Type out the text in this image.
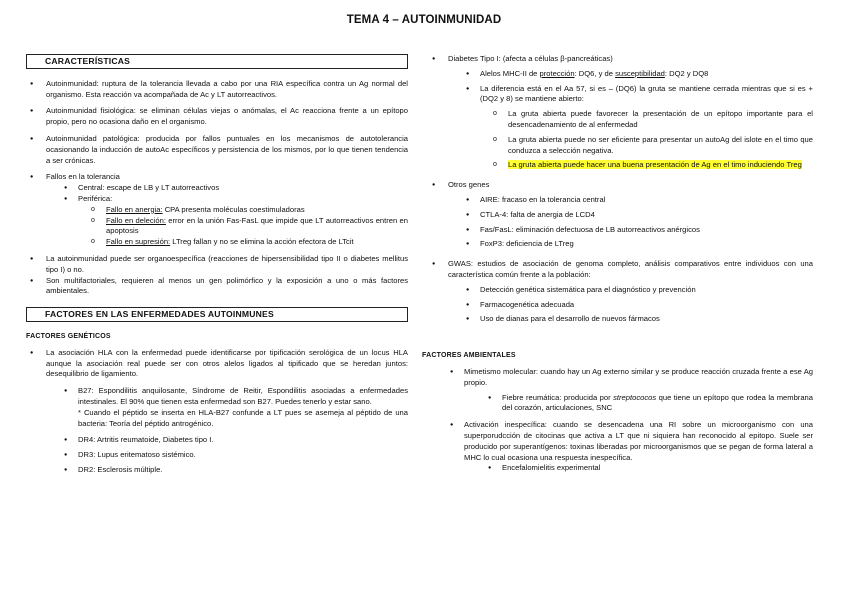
TEMA 4 – AUTOINMUNIDAD
CARACTERÍSTICAS
● Autoinmunidad: ruptura de la tolerancia llevada a cabo por una RIA específica contra un Ag normal del organismo. Esta reacción va acompañada de Ac y LT autorreactivos.
● Autoinmunidad fisiológica: se eliminan células viejas o anómalas, el Ac reacciona frente a un epítopo propio, pero no ocasiona daño en el organismo.
● Autoinmunidad patológica: producida por fallos puntuales en los mecanismos de autotolerancia ocasionando la inducción de autoAc específicos y persistencia de los mismos, por lo que tienen tendencia a ser crónicas.
● Fallos en la tolerancia
● Central: escape de LB y LT autorreactivos
● Periférica:
o Fallo en anergia: CPA presenta moléculas coestimuladoras
o Fallo en deleción: error en la unión Fas-FasL que impide que LT autorreactivos entren en apoptosis
o Fallo en supresión: LTreg fallan y no se elimina la acción efectora de LTcit
● La autoinmunidad puede ser organoespecífica (reacciones de hipersensibilidad tipo II o diabetes mellitus tipo I) o no.
● Son multifactoriales, requieren al menos un gen polimórfico y la exposición a uno o más factores ambientales.
FACTORES EN LAS ENFERMEDADES AUTOINMUNES
FACTORES GENÉTICOS
● La asociación HLA con la enfermedad puede identificarse por tipificación serológica de un locus HLA aunque la asociación real puede ser con otros alelos ligados al tipificado que se heredan juntos: desequilibrio de ligamiento.
● B27: Espondilitis anquilosante, Síndrome de Reitir, Espondilitis asociadas a enfermedades intestinales. El 90% que tienen esta enfermedad son B27. Puedes tenerlo y estar sano.
* Cuando el péptido se inserta en HLA-B27 confunde a LT pues se asemeja al péptido de una bacteria: Teoría del péptido antrogénico.
● DR4: Artritis reumatoide, Diabetes tipo I.
● DR3: Lupus eritematoso sistémico.
● DR2: Esclerosis múltiple.
● Diabetes Tipo I: (afecta a células β-pancreáticas)
● Alelos MHC-II de protección: DQ6, y de susceptibilidad: DQ2 y DQ8
● La diferencia está en el Aa 57, si es – (DQ6) la gruta se mantiene cerrada mientras que si es + (DQ2 y 8) se mantiene abierto:
o La gruta abierta puede favorecer la presentación de un epítopo importante para el desencadenamiento de al enfermedad
o La gruta abierta puede no ser eficiente para presentar un autoAg del islote en el timo que conduzca a selección negativa.
o La gruta abierta puede hacer una buena presentación de Ag en el timo induciendo Treg
● Otros genes
● AIRE: fracaso en la tolerancia central
● CTLA-4: falta de anergia de LCD4
● Fas/FasL: eliminación defectuosa de LB autorreactivos anérgicos
● FoxP3: deficiencia de LTreg
● GWAS: estudios de asociación de genoma completo, análisis comparativos entre individuos con una característica común frente a la población:
● Detección genética sistemática para el diagnóstico y prevención
● Farmacogenética adecuada
● Uso de dianas para el desarrollo de nuevos fármacos
FACTORES AMBIENTALES
● Mimetismo molecular: cuando hay un Ag externo similar y se produce reacción cruzada frente a ese Ag propio.
● Fiebre reumática: producida por streptococos que tiene un epítopo que rodea la membrana del corazón, articulaciones, SNC
● Activación inespecífica: cuando se desencadena una RI sobre un microorganismo con una superporudcción de citocinas que activa a LT que ni siquiera han reconocido al epitopo. Suele ser producido por superantígenos: toxinas liberadas por microorganismos que se pegan de forma lateral a MHC lo cual ocasiona una respuesta inespecífica.
● Encefalomielitis experimental
